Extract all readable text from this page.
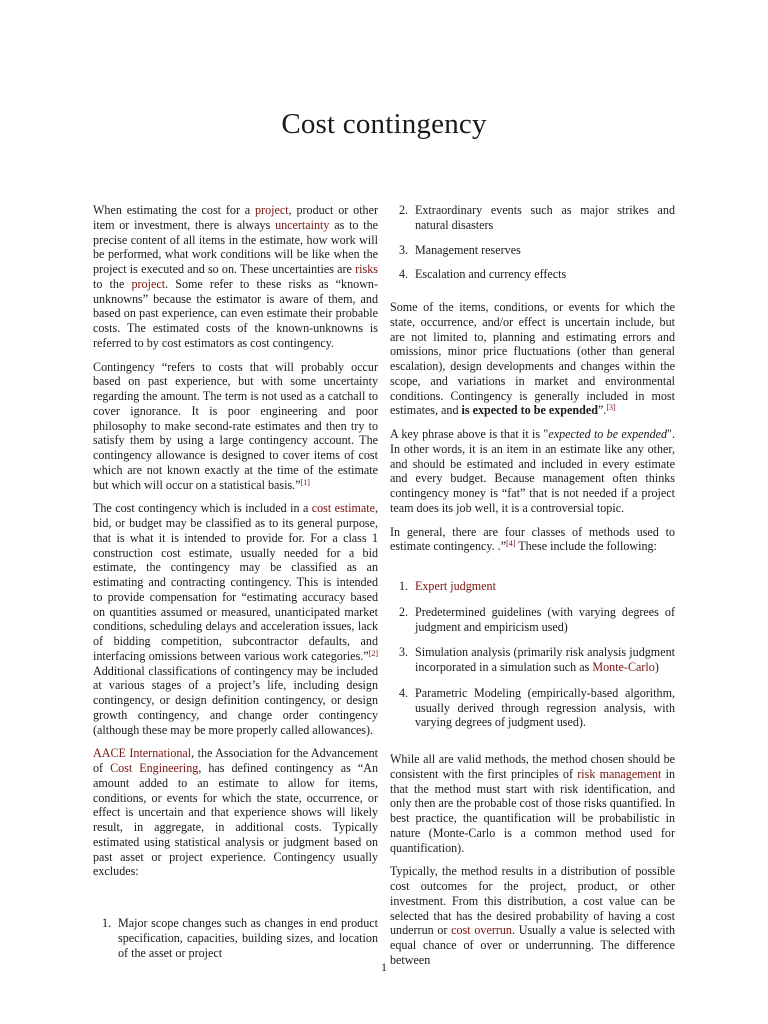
Cost contingency

When estimating the cost for a project, product or other item or investment, there is always uncertainty as to the precise content of all items in the estimate, how work will be performed, what work conditions will be like when the project is executed and so on. These uncertainties are risks to the project. Some refer to these risks as “known-unknowns” because the estimator is aware of them, and based on past experience, can even estimate their probable costs. The estimated costs of the known-unknowns is referred to by cost estimators as cost contingency.

Contingency “refers to costs that will probably occur based on past experience, but with some uncertainty regarding the amount. The term is not used as a catchall to cover ignorance. It is poor engineering and poor philosophy to make second-rate estimates and then try to satisfy them by using a large contingency account. The contingency allowance is designed to cover items of cost which are not known exactly at the time of the estimate but which will occur on a statistical basis.”[1]

The cost contingency which is included in a cost estimate, bid, or budget may be classified as to its general purpose, that is what it is intended to provide for. For a class 1 construction cost estimate, usually needed for a bid estimate, the contingency may be classified as an estimating and contracting contingency. This is intended to provide compensation for “estimating accuracy based on quantities assumed or measured, unanticipated market conditions, scheduling delays and acceleration issues, lack of bidding competition, subcontractor defaults, and interfacing omissions between various work categories.”[2] Additional classifications of contingency may be included at various stages of a project’s life, including design contingency, or design definition contingency, or design growth contingency, and change order contingency (although these may be more properly called allowances).

AACE International, the Association for the Advancement of Cost Engineering, has defined contingency as “An amount added to an estimate to allow for items, conditions, or events for which the state, occurrence, or effect is uncertain and that experience shows will likely result, in aggregate, in additional costs. Typically estimated using statistical analysis or judgment based on past asset or project experience. Contingency usually excludes:

1. Major scope changes such as changes in end product specification, capacities, building sizes, and location of the asset or project
2. Extraordinary events such as major strikes and natural disasters
3. Management reserves
4. Escalation and currency effects

Some of the items, conditions, or events for which the state, occurrence, and/or effect is uncertain include, but are not limited to, planning and estimating errors and omissions, minor price fluctuations (other than general escalation), design developments and changes within the scope, and variations in market and environmental conditions. Contingency is generally included in most estimates, and is expected to be expended”.[3]

A key phrase above is that it is "expected to be expended". In other words, it is an item in an estimate like any other, and should be estimated and included in every estimate and every budget. Because management often thinks contingency money is “fat” that is not needed if a project team does its job well, it is a controversial topic.

In general, there are four classes of methods used to estimate contingency. .”[4] These include the following:

1. Expert judgment
2. Predetermined guidelines (with varying degrees of judgment and empiricism used)
3. Simulation analysis (primarily risk analysis judgment incorporated in a simulation such as Monte-Carlo)
4. Parametric Modeling (empirically-based algorithm, usually derived through regression analysis, with varying degrees of judgment used).

While all are valid methods, the method chosen should be consistent with the first principles of risk management in that the method must start with risk identification, and only then are the probable cost of those risks quantified. In best practice, the quantification will be probabilistic in nature (Monte-Carlo is a common method used for quantification).

Typically, the method results in a distribution of possible cost outcomes for the project, product, or other investment. From this distribution, a cost value can be selected that has the desired probability of having a cost underrun or cost overrun. Usually a value is selected with equal chance of over or underrunning. The difference between

1
